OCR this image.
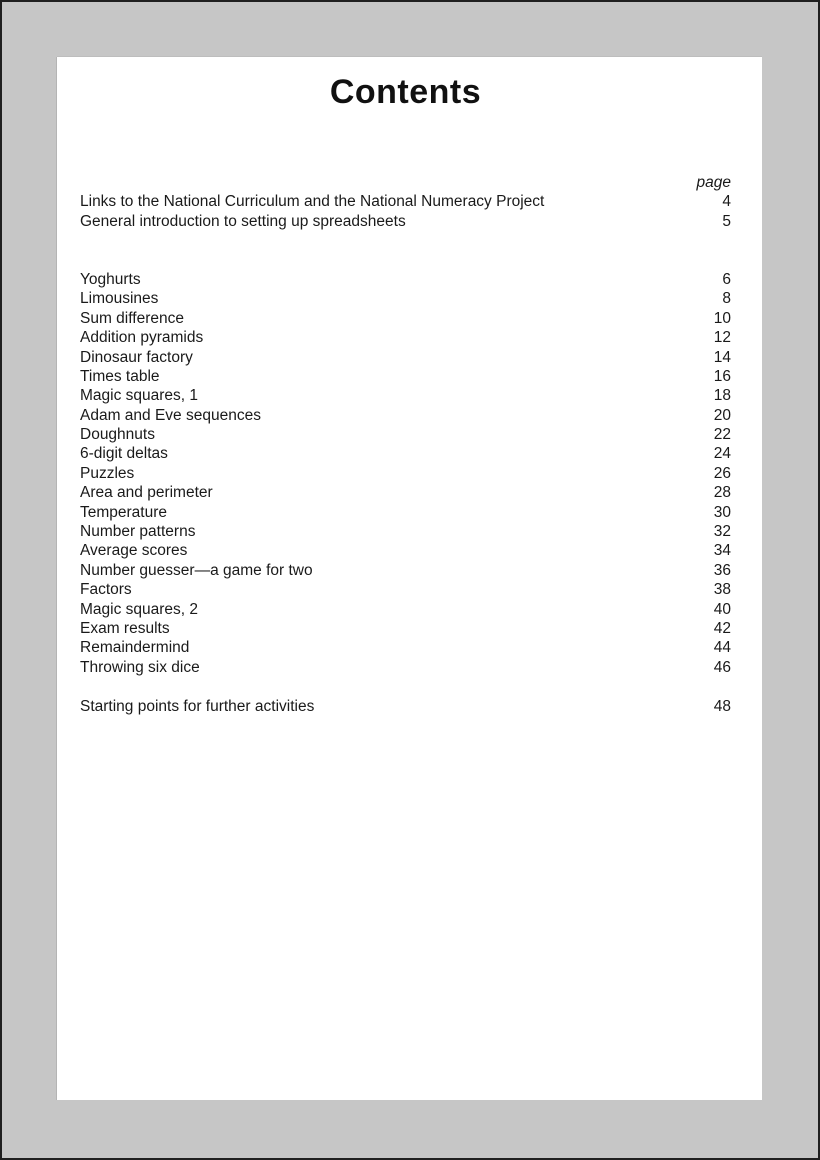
Contents
page
Links to the National Curriculum and the National Numeracy Project	4
General introduction to setting up spreadsheets	5
Yoghurts	6
Limousines	8
Sum difference	10
Addition pyramids	12
Dinosaur factory	14
Times table	16
Magic squares, 1	18
Adam and Eve sequences	20
Doughnuts	22
6-digit deltas	24
Puzzles	26
Area and perimeter	28
Temperature	30
Number patterns	32
Average scores	34
Number guesser—a game for two	36
Factors	38
Magic squares, 2	40
Exam results	42
Remaindermind	44
Throwing six dice	46
Starting points for further activities	48
